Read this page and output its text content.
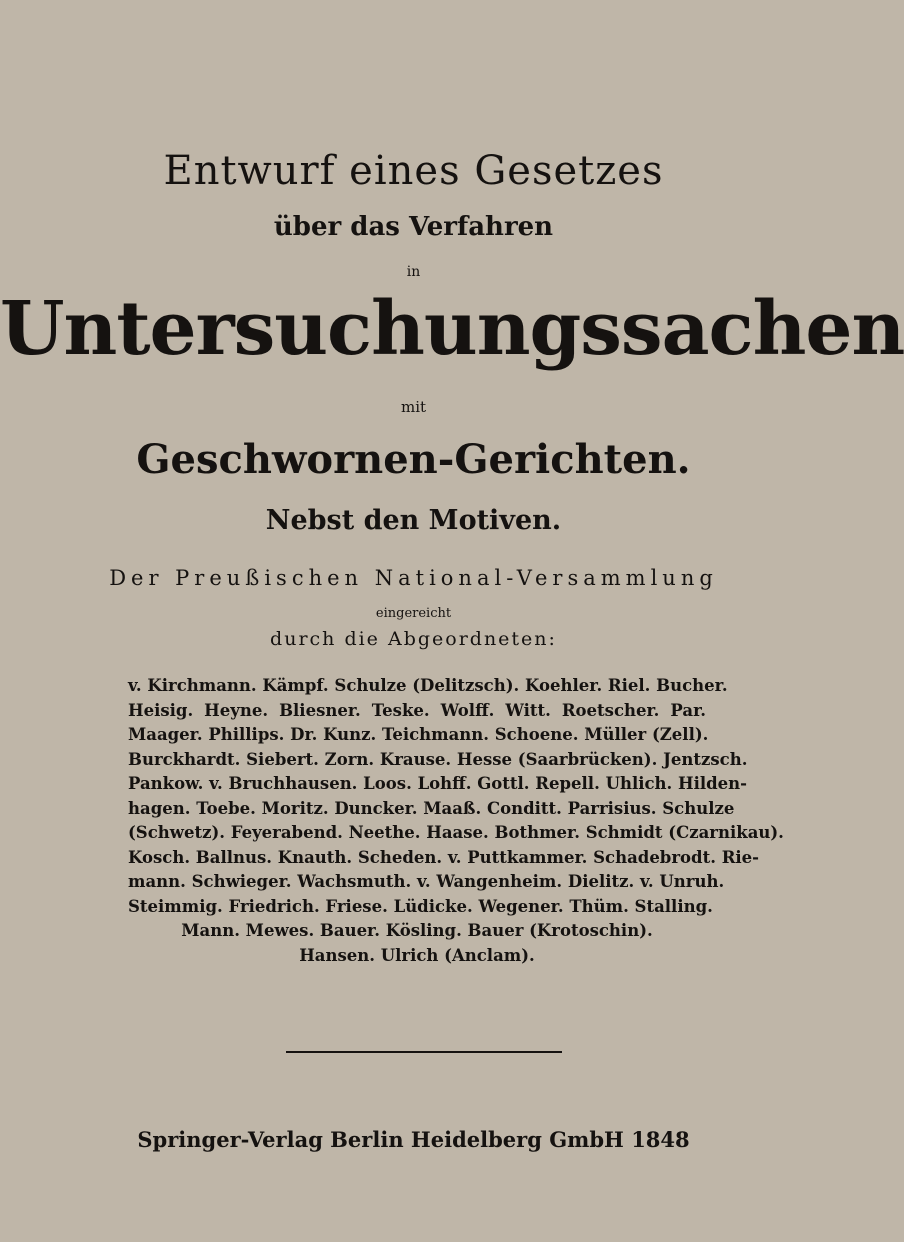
Entwurf eines Gesetzes
über das Verfahren
in
Untersuchungssachen
mit
Geschwornen-Gerichten.
Nebst den Motiven.
Der Preußischen National-Versammlung
eingereicht
durch die Abgeordneten:
v. Kirchmann. Kämpf. Schulze (Delitzsch). Koehler. Riel. Bucher.
Heisig. Heyne. Bliesner. Teske. Wolff. Witt. Roetscher. Par.
Maager. Phillips. Dr. Kunz. Teichmann. Schoene. Müller (Zell).
Burckhardt. Siebert. Zorn. Krause. Hesse (Saarbrücken). Jentzsch.
Pankow. v. Bruchhausen. Loos. Lohff. Gottl. Repell. Uhlich. Hilden-
hagen. Toebe. Moritz. Duncker. Maaß. Conditt. Parrisius. Schulze
(Schwetz). Feyerabend. Neethe. Haase. Bothmer. Schmidt (Czarnikau).
Kosch. Ballnus. Knauth. Scheden. v. Puttkammer. Schadebrodt. Rie-
mann. Schwieger. Wachsmuth. v. Wangenheim. Dielitz. v. Unruh.
Steimmig. Friedrich. Friese. Lüdicke. Wegener. Thüm. Stalling.
Mann. Mewes. Bauer. Kösling. Bauer (Krotoschin).
Hansen. Ulrich (Anclam).
Springer-Verlag Berlin Heidelberg GmbH 1848
